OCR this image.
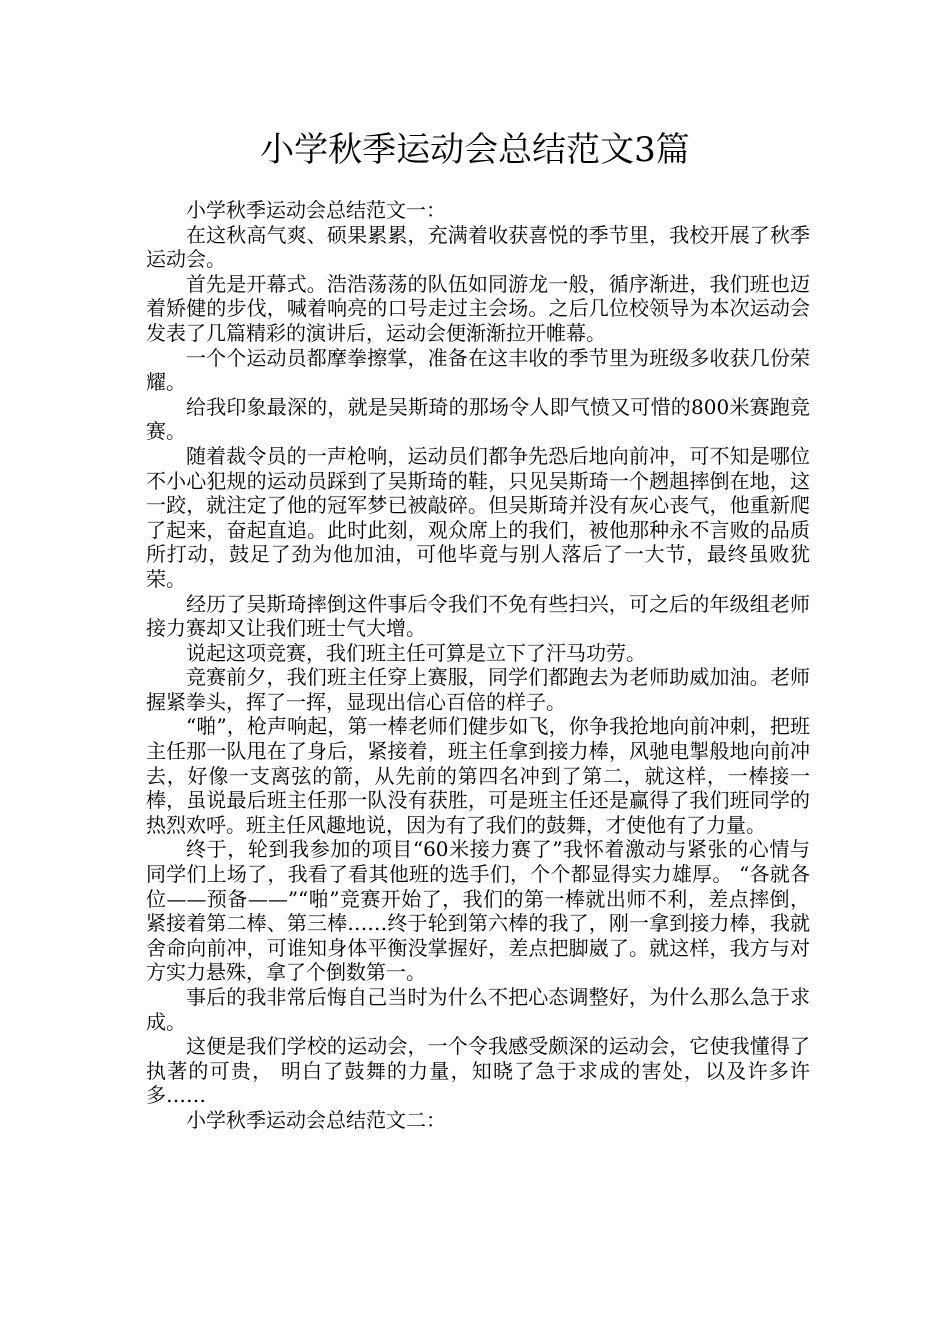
小学秋季运动会总结范文3篇

小学秋季运动会总结范文一：

在这秋高气爽、硕果累累，充满着收获喜悦的季节里，我校开展了秋季运动会。

首先是开幕式。浩浩荡荡的队伍如同游龙一般，循序渐进，我们班也迈着矫健的步伐，喊着响亮的口号走过主会场。之后几位校领导为本次运动会发表了几篇精彩的演讲后，运动会便渐渐拉开帷幕。

一个个运动员都摩拳擦掌，准备在这丰收的季节里为班级多收获几份荣耀。

给我印象最深的，就是吴斯琦的那场令人即气愤又可惜的800米赛跑竞赛。

随着裁令员的一声枪响，运动员们都争先恐后地向前冲，可不知是哪位不小心犯规的运动员踩到了吴斯琦的鞋，只见吴斯琦一个趔趄摔倒在地，这一跤，就注定了他的冠军梦已被敲碎。但吴斯琦并没有灰心丧气，他重新爬了起来，奋起直追。此时此刻，观众席上的我们，被他那种永不言败的品质所打动，鼓足了劲为他加油，可他毕竟与别人落后了一大节，最终虽败犹荣。

经历了吴斯琦摔倒这件事后令我们不免有些扫兴，可之后的年级组老师接力赛却又让我们班士气大增。

说起这项竞赛，我们班主任可算是立下了汗马功劳。

竞赛前夕，我们班主任穿上赛服，同学们都跑去为老师助威加油。老师握紧拳头，挥了一挥，显现出信心百倍的样子。

“啪”，枪声响起，第一棒老师们健步如飞，你争我抢地向前冲刺，把班主任那一队甩在了身后，紧接着，班主任拿到接力棒，风驰电掣般地向前冲去，好像一支离弦的箭，从先前的第四名冲到了第二，就这样，一棒接一棒，虽说最后班主任那一队没有获胜，可是班主任还是赢得了我们班同学的热烈欢呼。班主任风趣地说，因为有了我们的鼓舞，才使他有了力量。

终于，轮到我参加的项目“60米接力赛了”我怀着激动与紧张的心情与同学们上场了，我看了看其他班的选手们，个个都显得实力雄厚。 “各就各位——预备——”“啪”竞赛开始了，我们的第一棒就出师不利，差点摔倒，紧接着第二棒、第三棒……终于轮到第六棒的我了，刚一拿到接力棒，我就舍命向前冲，可谁知身体平衡没掌握好，差点把脚崴了。就这样，我方与对方实力悬殊，拿了个倒数第一。

事后的我非常后悔自己当时为什么不把心态调整好，为什么那么急于求成。

这便是我们学校的运动会，一个令我感受颇深的运动会，它使我懂得了执著的可贵， 明白了鼓舞的力量，知晓了急于求成的害处，以及许多许多……

小学秋季运动会总结范文二：
